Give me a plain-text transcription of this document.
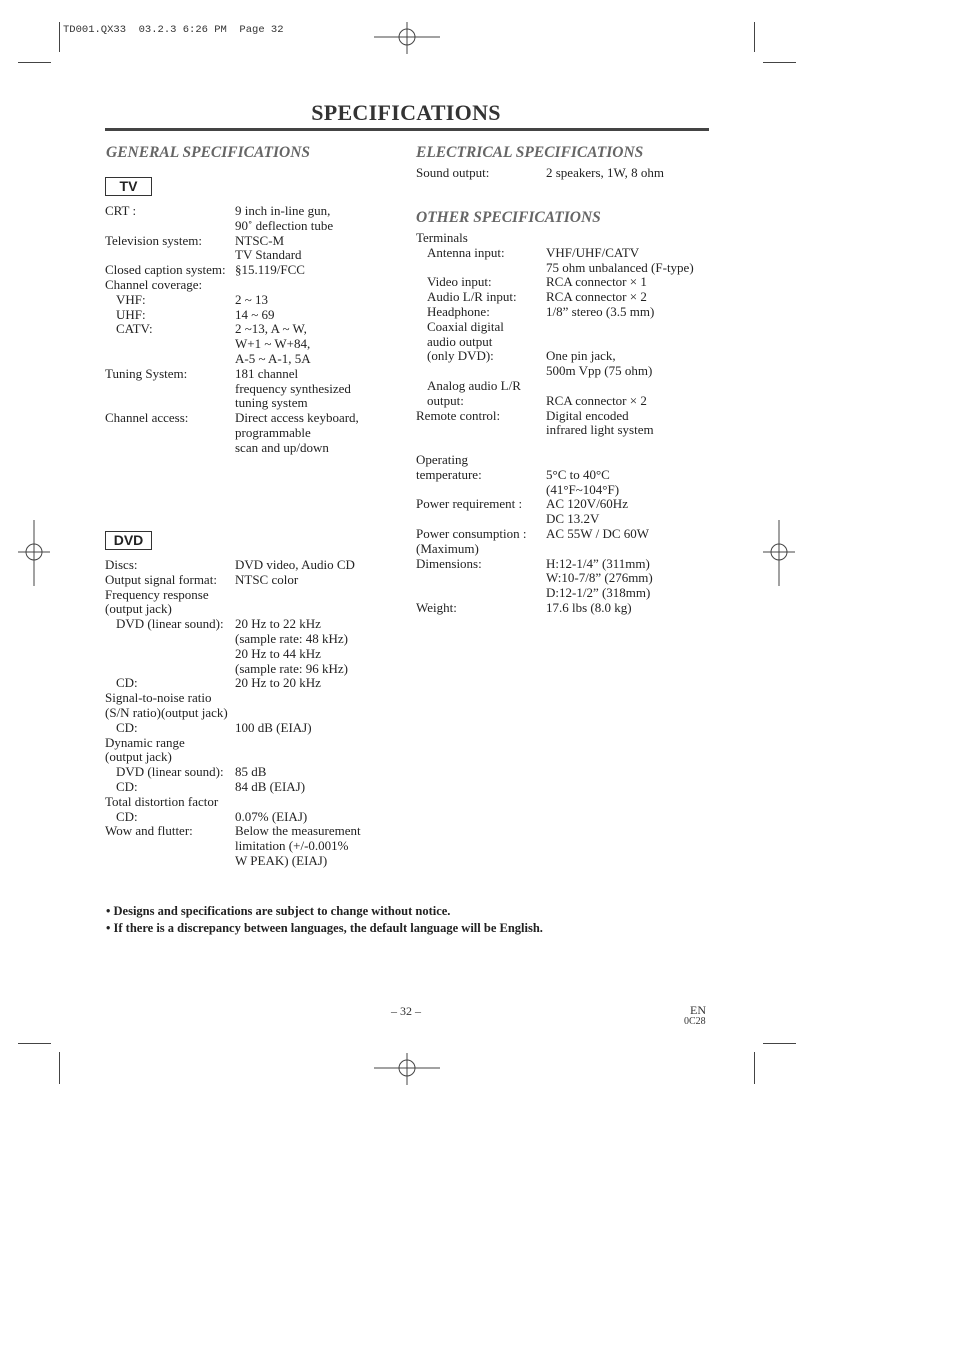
TD001.QX33  03.2.3 6:26 PM  Page 32
SPECIFICATIONS
GENERAL SPECIFICATIONS
TV
CRT :	9 inch in-line gun,
90˚ deflection tube
Television system:	NTSC-M
TV Standard
Closed caption system: §15.119/FCC
Channel coverage:
VHF:	2 ~ 13
UHF:	14 ~ 69
CATV:	2 ~13, A ~ W,
W+1 ~ W+84,
A-5 ~ A-1, 5A
Tuning System:	181 channel
frequency synthesized
tuning system
Channel access:	Direct access keyboard,
programmable
scan and up/down
DVD
Discs:	DVD video, Audio CD
Output signal format:	NTSC color
Frequency response
(output jack)
DVD (linear sound): 20 Hz to 22 kHz
(sample rate: 48 kHz)
20 Hz to 44 kHz
(sample rate: 96 kHz)
CD:	20 Hz to 20 kHz
Signal-to-noise ratio
(S/N ratio)(output jack)
CD:	100 dB (EIAJ)
Dynamic range
(output jack)
DVD (linear sound): 85 dB
CD:	84 dB (EIAJ)
Total distortion factor
CD:	0.07% (EIAJ)
Wow and flutter:	Below the measurement
limitation (+/-0.001%
W PEAK) (EIAJ)
ELECTRICAL SPECIFICATIONS
Sound output:	2 speakers, 1W, 8 ohm
OTHER SPECIFICATIONS
Terminals
Antenna input:	VHF/UHF/CATV
75 ohm unbalanced (F-type)
Video input:	RCA connector × 1
Audio L/R input:	RCA connector × 2
Headphone:	1/8” stereo (3.5 mm)
Coaxial digital
audio output
(only DVD):	One pin jack,
500m Vpp (75 ohm)
Analog audio L/R
output:	RCA connector × 2
Remote control:	Digital encoded
infrared light system
Operating
temperature:	5°C to 40°C
(41°F~104°F)
Power requirement :	AC 120V/60Hz
DC 13.2V
Power consumption :	AC 55W / DC 60W
(Maximum)
Dimensions:	H:12-1/4” (311mm)
W:10-7/8” (276mm)
D:12-1/2” (318mm)
Weight:	17.6 lbs (8.0 kg)
• Designs and specifications are subject to change without notice.
• If there is a discrepancy between languages, the default language will be English.
– 32 –	EN
0C28
